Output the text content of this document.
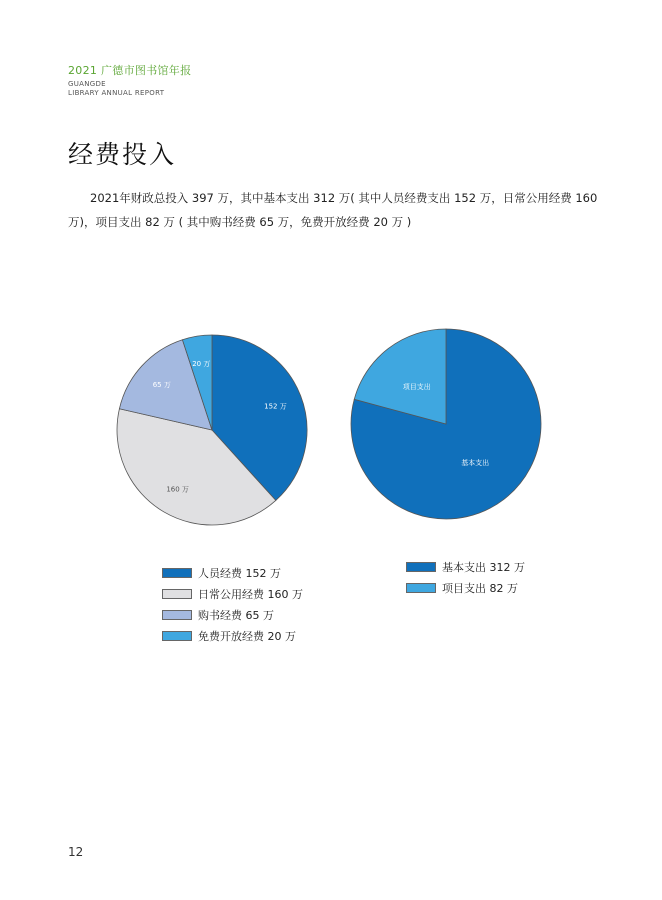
2021 广德市图书馆年报
GUANGDE
LIBRARY ANNUAL REPORT
经费投入
2021年财政总投入 397 万，其中基本支出 312 万( 其中人员经费支出 152 万，日常公用经费 160 万)，项目支出 82 万 ( 其中购书经费 65 万，免费开放经费 20 万 )
152 万
160 万
65 万
20 万
基本支出
项目支出
人员经费 152 万
日常公用经费 160 万
购书经费 65 万
免费开放经费 20 万
基本支出 312 万
项目支出 82 万
12
